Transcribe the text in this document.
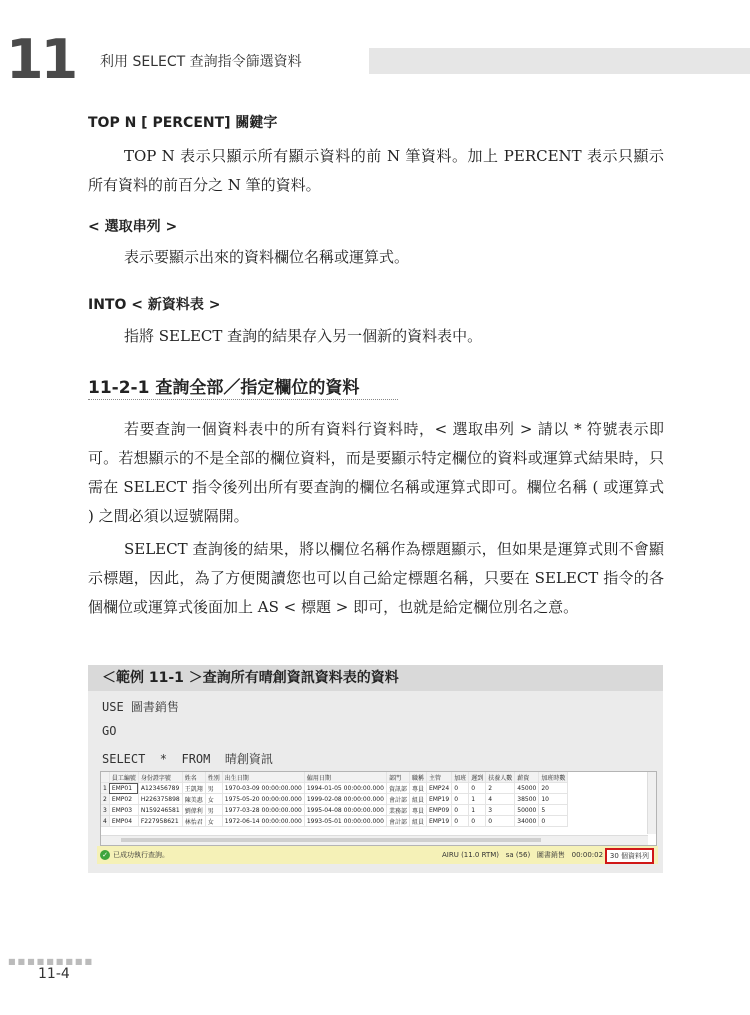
11 利用 SELECT 查詢指令篩選資料
TOP N [ PERCENT] 關鍵字

TOP N 表示只顯示所有顯示資料的前 N 筆資料。加上 PERCENT 表示只顯示所有資料的前百分之 N 筆的資料。

< 選取串列 >

表示要顯示出來的資料欄位名稱或運算式。

INTO < 新資料表 >

指將 SELECT 查詢的結果存入另一個新的資料表中。

11-2-1 查詢全部／指定欄位的資料

若要查詢一個資料表中的所有資料行資料時，< 選取串列 > 請以 * 符號表示即可。若想顯示的不是全部的欄位資料，而是要顯示特定欄位的資料或運算式結果時，只需在 SELECT 指令後列出所有要查詢的欄位名稱或運算式即可。欄位名稱 ( 或運算式 ) 之間必須以逗號隔開。

SELECT 查詢後的結果，將以欄位名稱作為標題顯示，但如果是運算式則不會顯示標題，因此，為了方便閱讀您也可以自己給定標題名稱，只要在 SELECT 指令的各個欄位或運算式後面加上 AS < 標題 > 即可，也就是給定欄位別名之意。

＜範例 11-1 ＞查詢所有晴創資訊資料表的資料
USE 圖書銷售
GO
SELECT  *  FROM  晴創資訊
	員工編號	身份證字號	姓名	性別	出生日期	僱用日期	部門	職稱	主管	加班	遲到	扶養人數	薪資	加班時數
1	EMP01	A123456789	王凱翔	男	1970-03-09 00:00:00.000	1994-01-05 00:00:00.000	資訊部	專員	EMP24	0	0	2	45000	20
2	EMP02	H226375898	陳美惠	女	1975-05-20 00:00:00.000	1999-02-08 00:00:00.000	會計部	組員	EMP19	0	1	4	38500	10
3	EMP03	N159246581	劉偉利	男	1977-03-28 00:00:00.000	1995-04-08 00:00:00.000	業務部	專員	EMP09	0	1	3	50000	5
4	EMP04	F227958621	林怡君	女	1972-06-14 00:00:00.000	1993-05-01 00:00:00.000	會計部	組員	EMP19	0	0	0	34000	0
✓ 已成功執行查詢。	AIRU (11.0 RTM) sa (56) 圖書銷售 00:00:02 30 個資料列
■■■■■■■■■
11-4
